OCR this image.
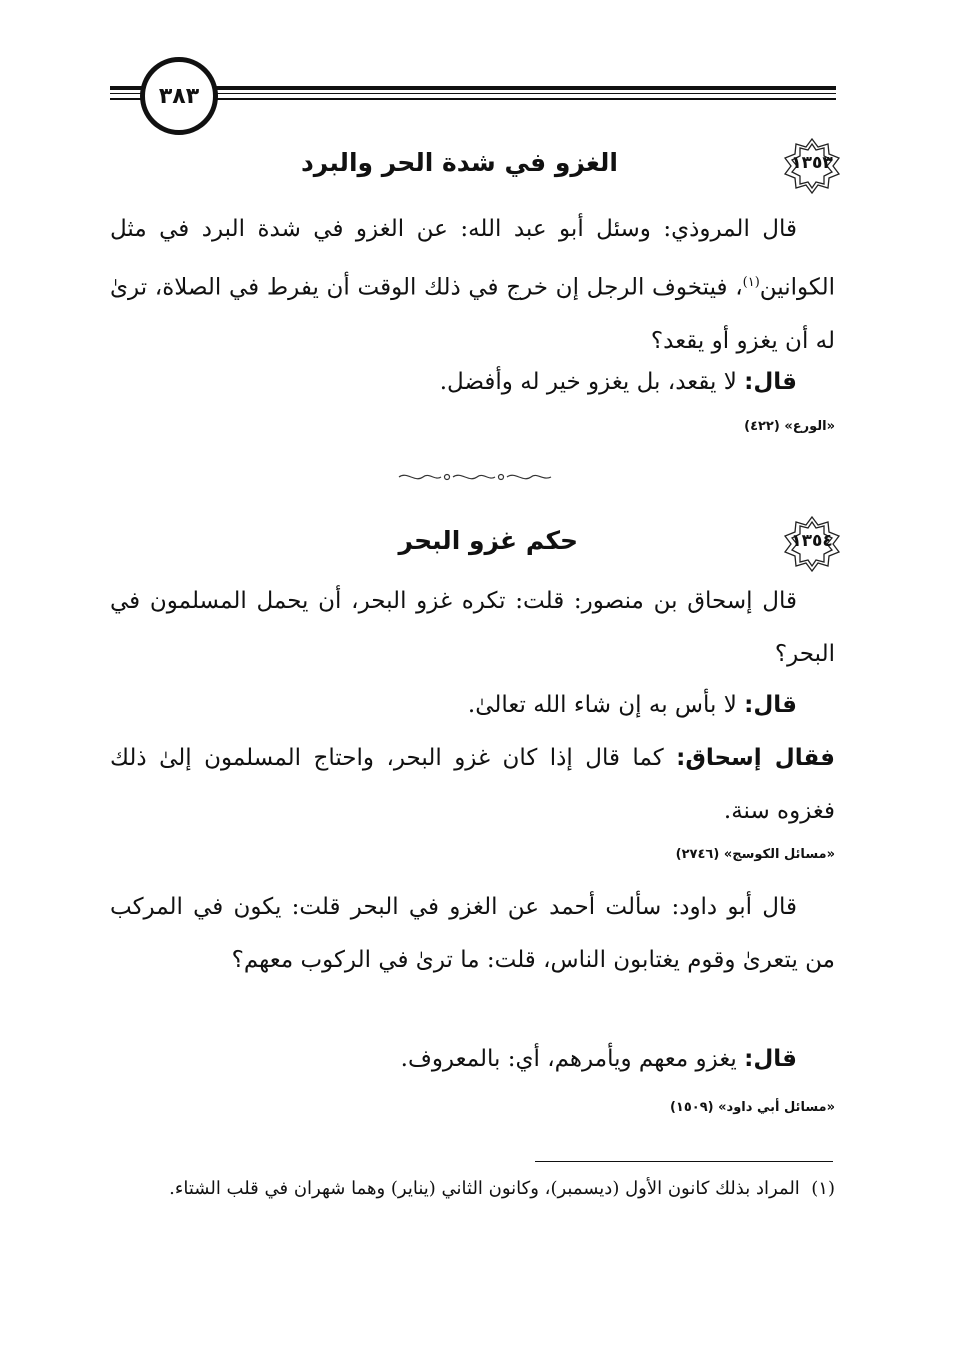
٣٨٣
١٣٥٣
الغزو في شدة الحر والبرد
قال المروذي: وسئل أبو عبد الله: عن الغزو في شدة البرد في مثل الكوانين$^{(١)}$، فيتخوف الرجل إن خرج في ذلك الوقت أن يفرط في الصلاة، ترىٰ له أن يغزو أو يقعد؟
قال: لا يقعد، بل يغزو خير له وأفضل.
«الورع» (٤٢٢)
١٣٥٤
حكم غزو البحر
قال إسحاق بن منصور: قلت: تكره غزو البحر، أن يحمل المسلمون في البحر؟
قال: لا بأس به إن شاء الله تعالىٰ.
فقال إسحاق: كما قال إذا كان غزو البحر، واحتاج المسلمون إلىٰ ذلك فغزوه سنة.
«مسائل الكوسج» (٢٧٤٦)
قال أبو داود: سألت أحمد عن الغزو في البحر قلت: يكون في المركب من يتعرىٰ وقوم يغتابون الناس، قلت: ما ترىٰ في الركوب معهم؟
قال: يغزو معهم ويأمرهم، أي: بالمعروف.
«مسائل أبي داود» (١٥٠٩)
(١)  المراد بذلك كانون الأول (ديسمبر)، وكانون الثاني (يناير) وهما شهران في قلب الشتاء.
